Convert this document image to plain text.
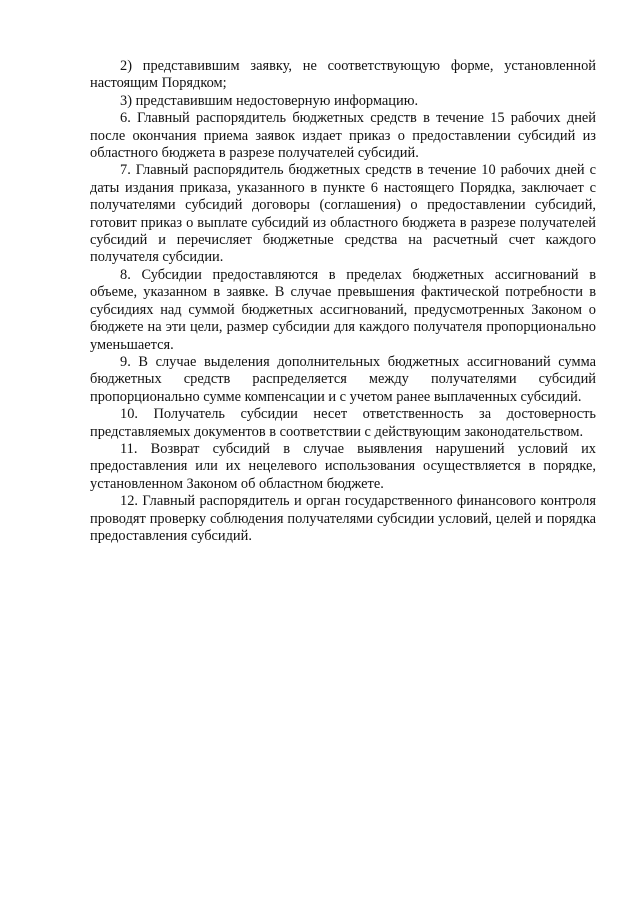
2) представившим заявку, не соответствующую форме, установленной настоящим Порядком;

3) представившим недостоверную информацию.

6. Главный распорядитель бюджетных средств в течение 15 рабочих дней после окончания приема заявок издает приказ о предоставлении субсидий из областного бюджета в разрезе получателей субсидий.

7. Главный распорядитель бюджетных средств в течение 10 рабочих дней с даты издания приказа, указанного в пункте 6 настоящего Порядка, заключает с получателями субсидий договоры (соглашения) о предоставлении субсидий, готовит приказ о выплате субсидий из областного бюджета в разрезе получателей субсидий и перечисляет бюджетные средства на расчетный счет каждого получателя субсидии.

8. Субсидии предоставляются в пределах бюджетных ассигнований в объеме, указанном в заявке. В случае превышения фактической потребности в субсидиях над суммой бюджетных ассигнований, предусмотренных Законом о бюджете на эти цели, размер субсидии для каждого получателя пропорционально уменьшается.

9. В случае выделения дополнительных бюджетных ассигнований сумма бюджетных средств распределяется между получателями субсидий пропорционально сумме компенсации и с учетом ранее выплаченных субсидий.

10. Получатель субсидии несет ответственность за достоверность представляемых документов в соответствии с действующим законодательством.

11. Возврат субсидий в случае выявления нарушений условий их предоставления или их нецелевого использования осуществляется в порядке, установленном Законом об областном бюджете.

12. Главный распорядитель и орган государственного финансового контроля проводят проверку соблюдения получателями субсидии условий, целей и порядка предоставления субсидий.
